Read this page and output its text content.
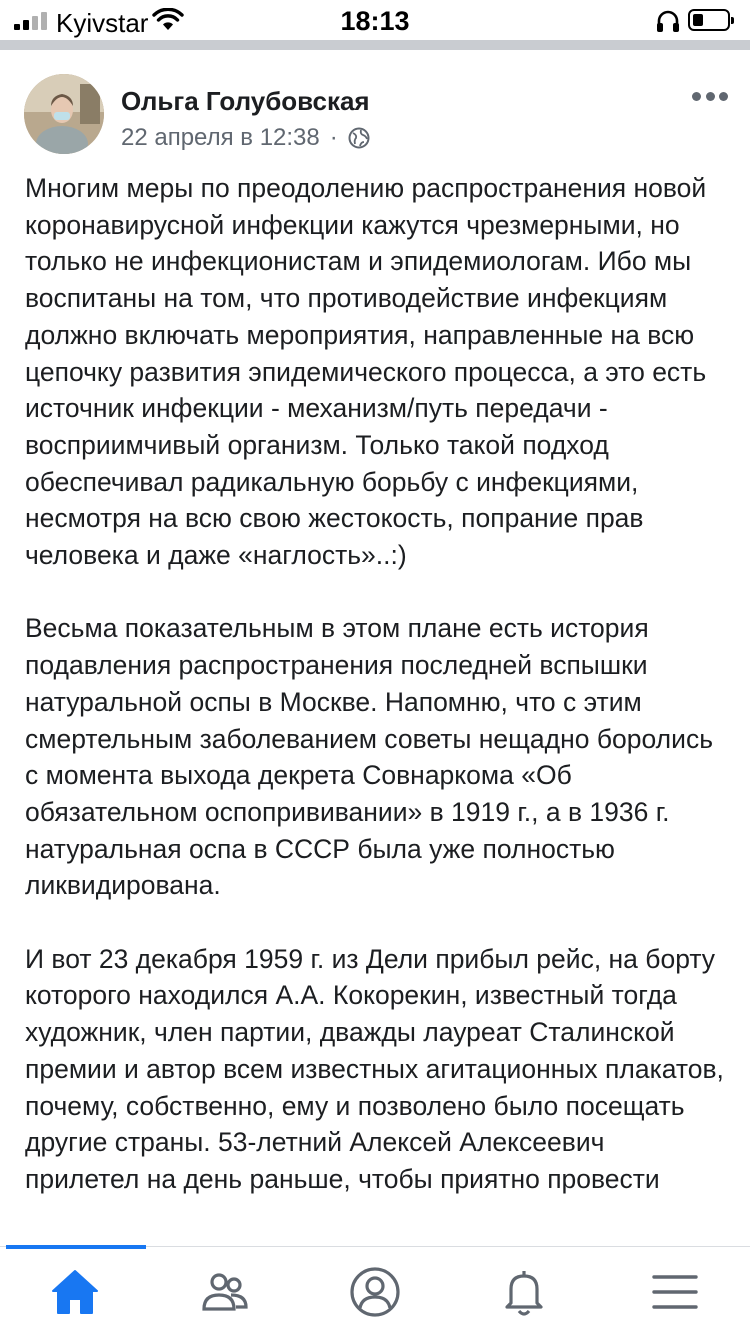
Kyivstar	18:13
Ольга Голубовская
22 апреля в 12:38 ·

Многим меры по преодолению распространения новой коронавирусной инфекции кажутся чрезмерными, но только не инфекционистам и эпидемиологам. Ибо мы воспитаны на том, что противодействие инфекциям должно включать мероприятия, направленные на всю цепочку развития эпидемического процесса, а это есть источник инфекции - механизм/путь передачи - восприимчивый организм. Только такой подход обеспечивал радикальную борьбу с инфекциями, несмотря на всю свою жестокость, попрание прав человека и даже «наглость»..:)

Весьма показательным в этом плане есть история подавления распространения последней вспышки натуральной оспы в Москве. Напомню, что с этим смертельным заболеванием советы нещадно боролись с момента выхода декрета Совнаркома «Об обязательном оспопрививании» в 1919 г., а в 1936 г. натуральная оспа в СССР была уже полностью ликвидирована.

И вот 23 декабря 1959 г. из Дели прибыл рейс, на борту которого находился А.А. Кокорекин, известный тогда художник, член партии, дважды лауреат Сталинской премии и автор всем известных агитационных плакатов, почему, собственно, ему и позволено было посещать другие страны. 53-летний Алексей Алексеевич прилетел на день раньше, чтобы приятно провести
